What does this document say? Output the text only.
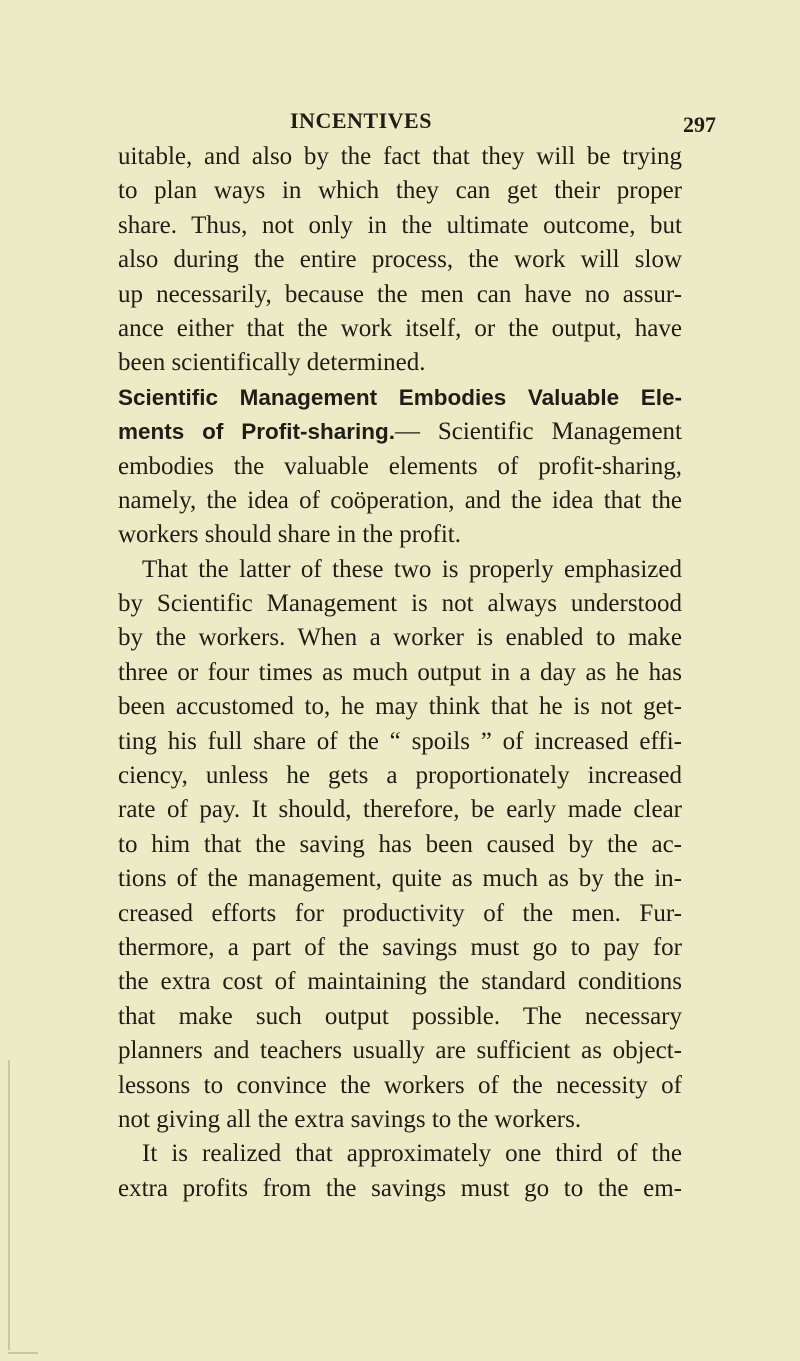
INCENTIVES	297
uitable, and also by the fact that they will be trying
to plan ways in which they can get their proper
share. Thus, not only in the ultimate outcome, but
also during the entire process, the work will slow
up necessarily, because the men can have no assur-
ance either that the work itself, or the output, have
been scientifically determined.
Scientific Management Embodies Valuable Ele-
ments of Profit-sharing.— Scientific Management
embodies the valuable elements of profit-sharing,
namely, the idea of coöperation, and the idea that the
workers should share in the profit.
That the latter of these two is properly emphasized
by Scientific Management is not always understood
by the workers. When a worker is enabled to make
three or four times as much output in a day as he has
been accustomed to, he may think that he is not get-
ting his full share of the “ spoils ” of increased effi-
ciency, unless he gets a proportionately increased
rate of pay. It should, therefore, be early made clear
to him that the saving has been caused by the ac-
tions of the management, quite as much as by the in-
creased efforts for productivity of the men. Fur-
thermore, a part of the savings must go to pay for
the extra cost of maintaining the standard conditions
that make such output possible. The necessary
planners and teachers usually are sufficient as object-
lessons to convince the workers of the necessity of
not giving all the extra savings to the workers.
It is realized that approximately one third of the
extra profits from the savings must go to the em-
